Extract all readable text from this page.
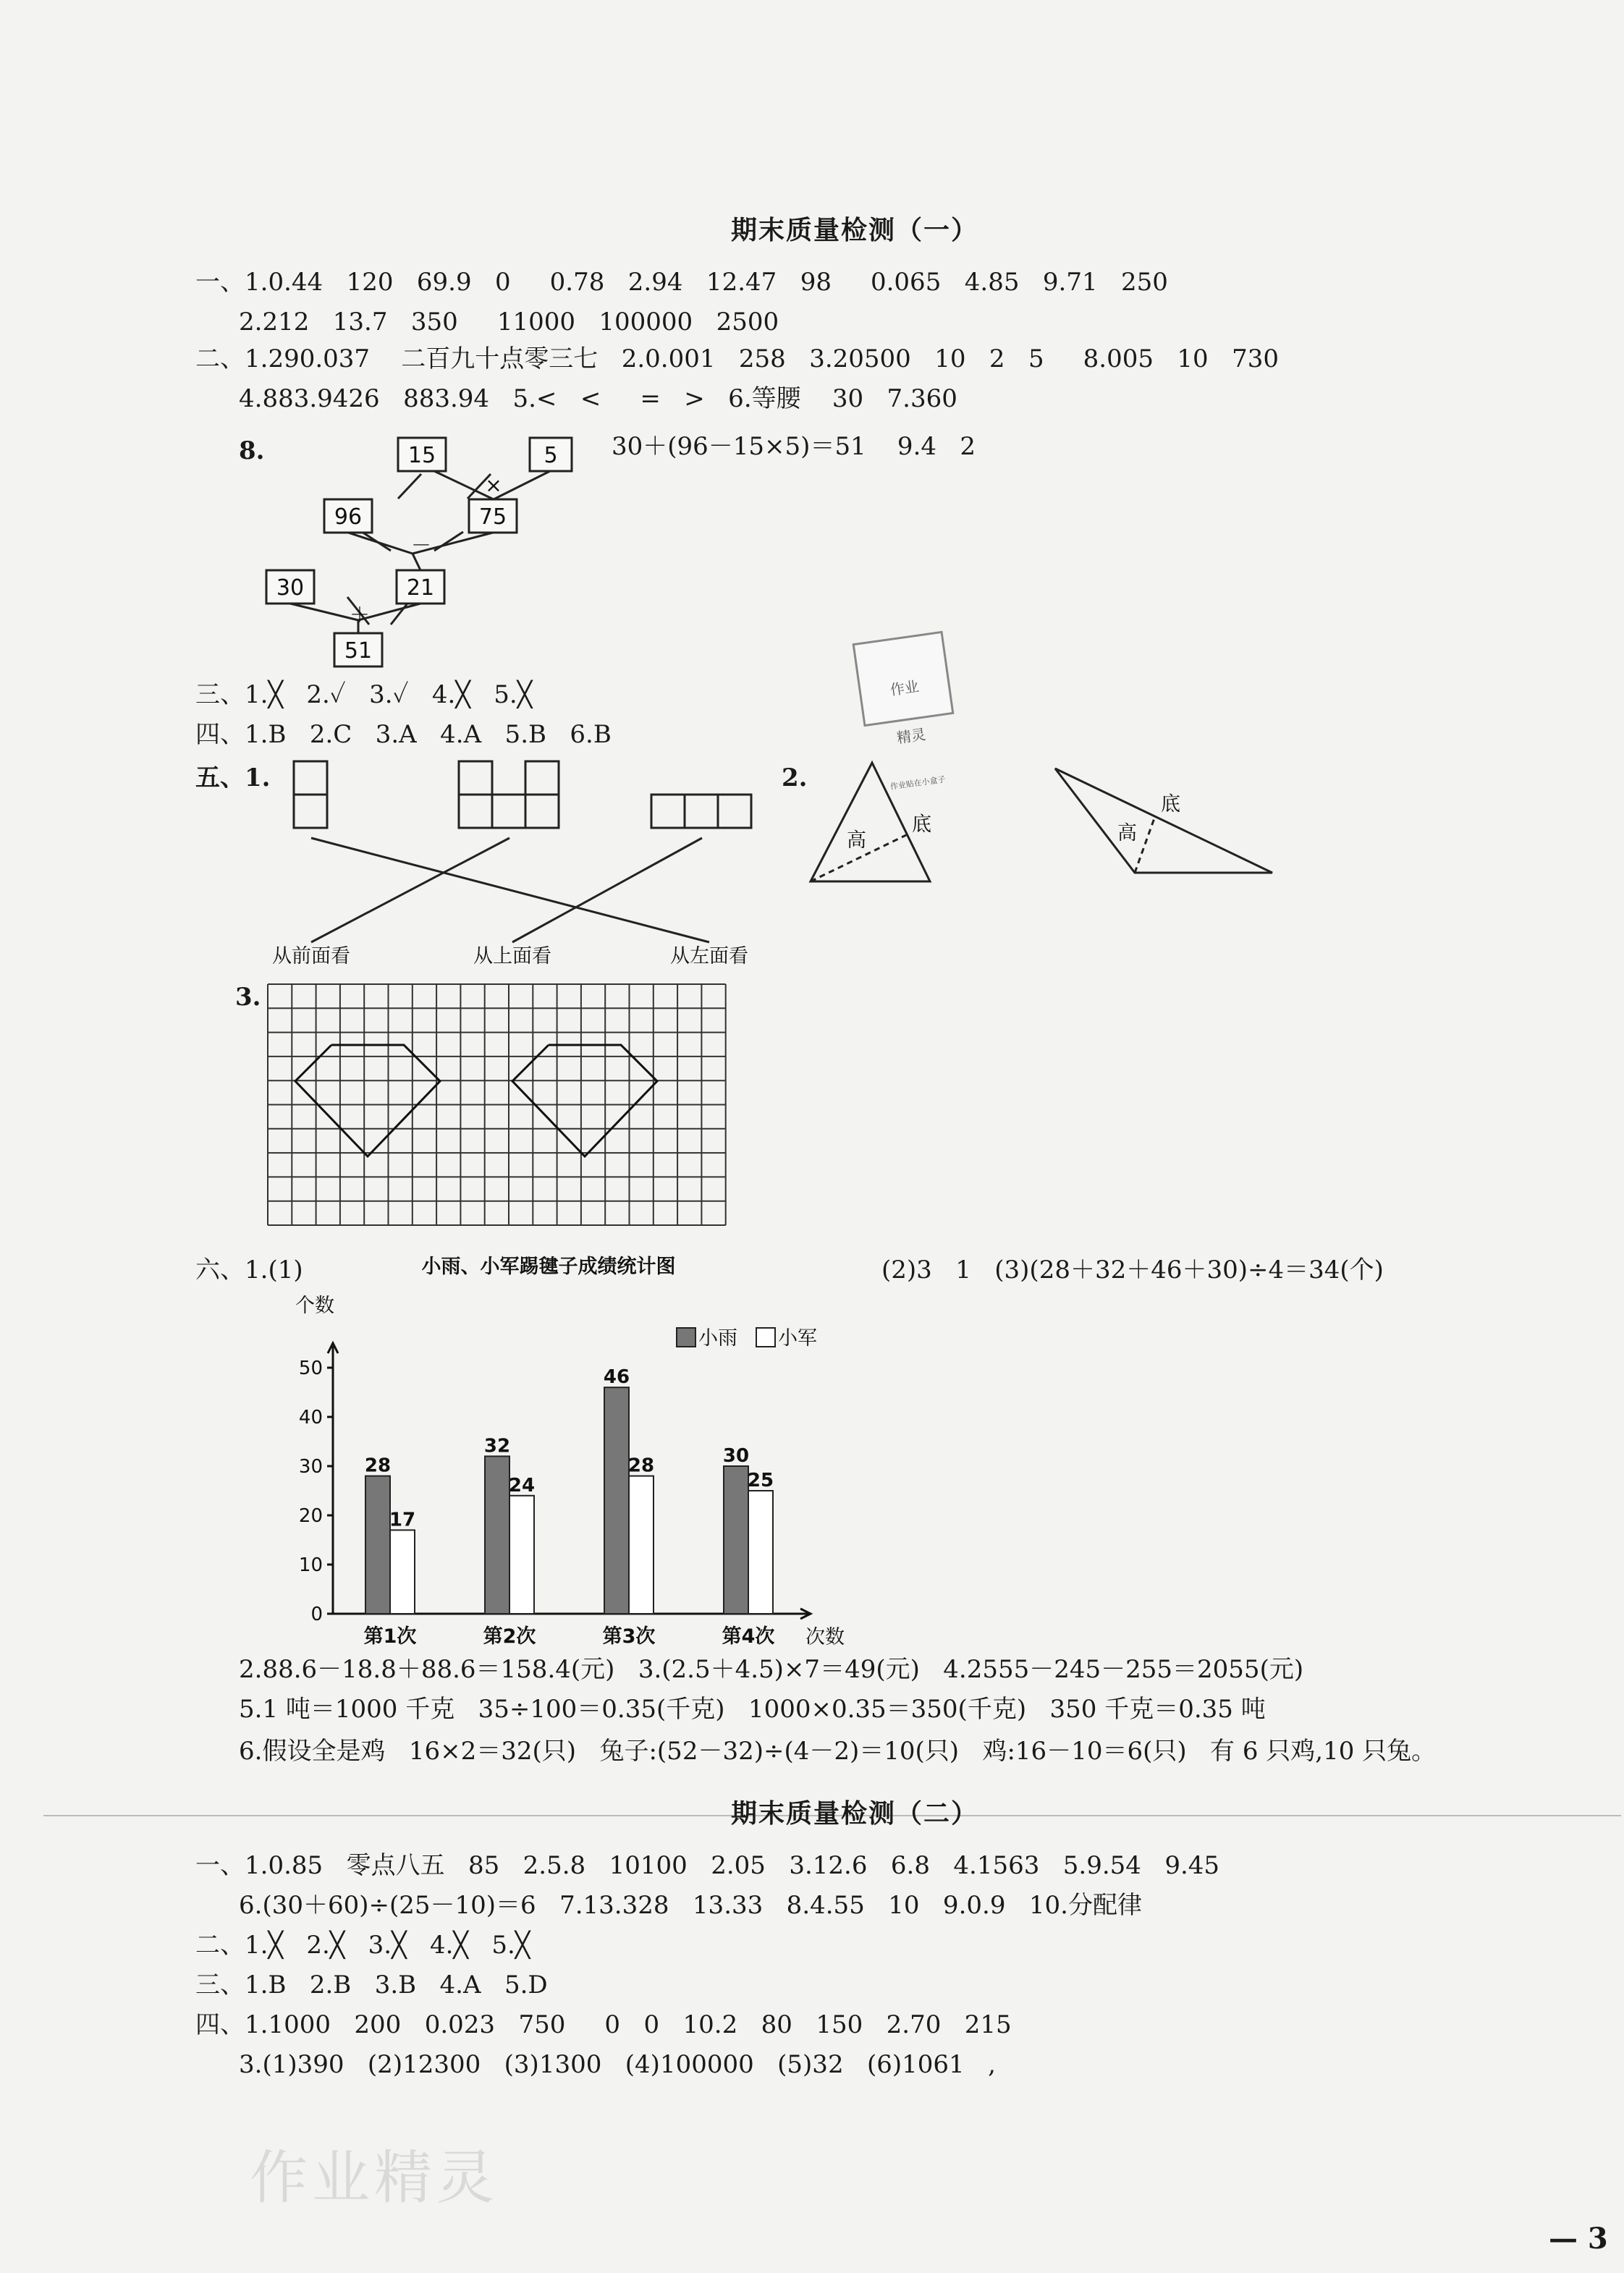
期末质量检测（一）
一、1.0.44   120   69.9   0     0.78   2.94   12.47   98     0.065   4.85   9.71   250
2.212   13.7   350     11000   100000   2500
二、1.290.037    二百九十点零三七   2.0.001   258   3.20500   10   2   5     8.005   10   730
4.883.9426   883.94   5.<   <     =   >   6.等腰    30   7.360
8.	30＋(96－15×5)＝51    9.4   2
15	5
96	75
30	21
51
×
－
＋

作业

精灵

作业贴在小盒子

三、1.╳   2.✓   3.✓   4.╳   5.╳
四、1.B   2.C   3.A   4.A   5.B   6.B
五、1.
从前面看	从上面看	从左面看
2.
高
底	高
底
3.
六、1.(1)	(2)3   1   (3)(28＋32＋46＋30)÷4＝34(个)
小雨、小军踢毽子成绩统计图
个数
次数
小雨 小军
0
10
20
30
40
50
28
17
32
24
46
28	30
25
第1次	第2次	第3次	第4次
2.88.6－18.8＋88.6＝158.4(元)   3.(2.5＋4.5)×7＝49(元)   4.2555－245－255＝2055(元)
5.1 吨＝1000 千克   35÷100＝0.35(千克)   1000×0.35＝350(千克)   350 千克＝0.35 吨
6.假设全是鸡   16×2＝32(只)   兔子:(52－32)÷(4－2)＝10(只)   鸡:16－10＝6(只)   有 6 只鸡,10 只兔。
期末质量检测（二）
一、1.0.85   零点八五   85   2.5.8   10100   2.05   3.12.6   6.8   4.1563   5.9.54   9.45
6.(30＋60)÷(25－10)＝6   7.13.328   13.33   8.4.55   10   9.0.9   10.分配律
二、1.╳   2.╳   3.╳   4.╳   5.╳
三、1.B   2.B   3.B   4.A   5.D
四、1.1000   200   0.023   750     0   0   10.2   80   150   2.70   215
3.(1)390   (2)12300   (3)1300   (4)100000   (5)32   (6)1061   ,
作业精灵
— 3
